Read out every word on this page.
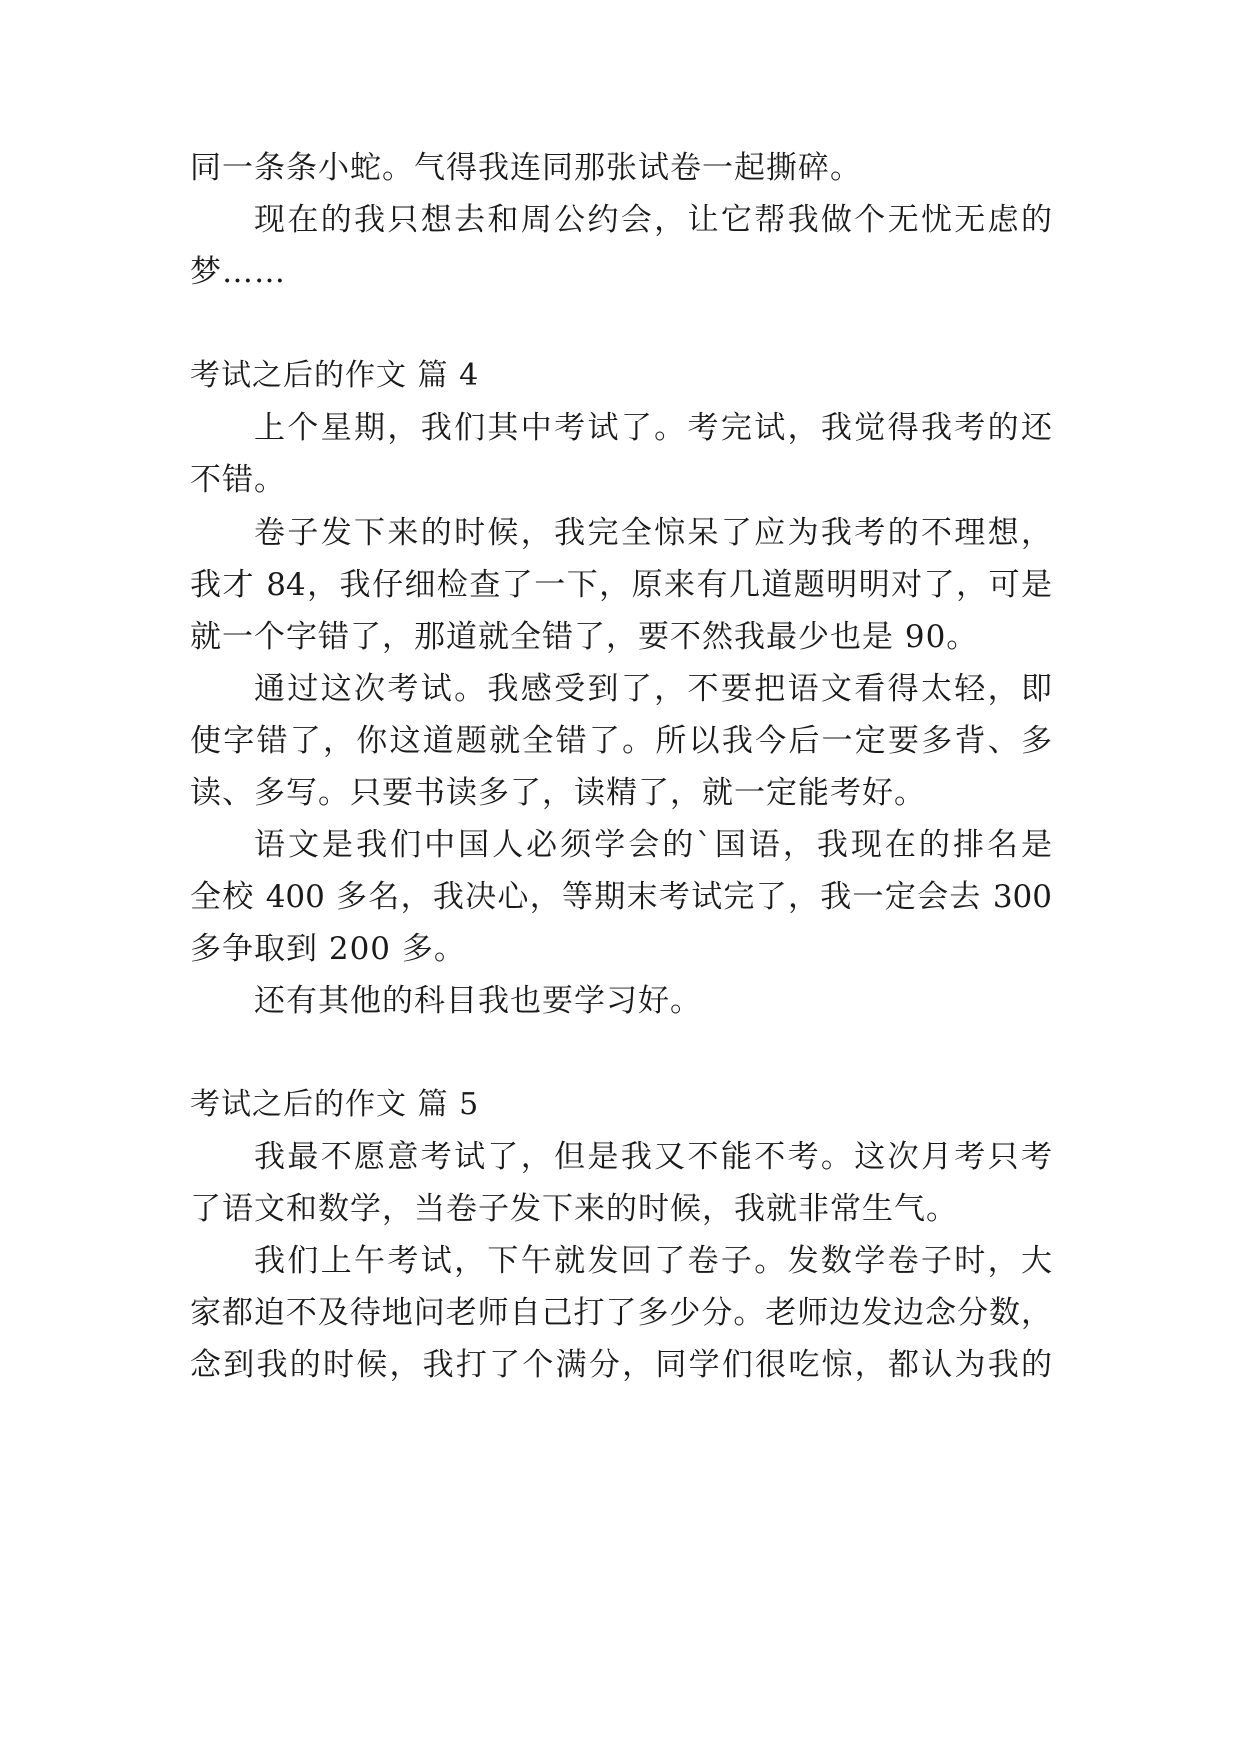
同一条条小蛇。气得我连同那张试卷一起撕碎。
现在的我只想去和周公约会，让它帮我做个无忧无虑的
梦……
考试之后的作文 篇 4
上个星期，我们其中考试了。考完试，我觉得我考的还
不错。
卷子发下来的时候，我完全惊呆了应为我考的不理想，
我才 84，我仔细检查了一下，原来有几道题明明对了，可是
就一个字错了，那道就全错了，要不然我最少也是 90。
通过这次考试。我感受到了，不要把语文看得太轻，即
使字错了，你这道题就全错了。所以我今后一定要多背、多
读、多写。只要书读多了，读精了，就一定能考好。
语文是我们中国人必须学会的`国语，我现在的排名是
全校 400 多名，我决心，等期末考试完了，我一定会去 300
多争取到 200 多。
还有其他的科目我也要学习好。
考试之后的作文 篇 5
我最不愿意考试了，但是我又不能不考。这次月考只考
了语文和数学，当卷子发下来的时候，我就非常生气。
我们上午考试，下午就发回了卷子。发数学卷子时，大
家都迫不及待地问老师自己打了多少分。老师边发边念分数，
念到我的时候，我打了个满分，同学们很吃惊，都认为我的
